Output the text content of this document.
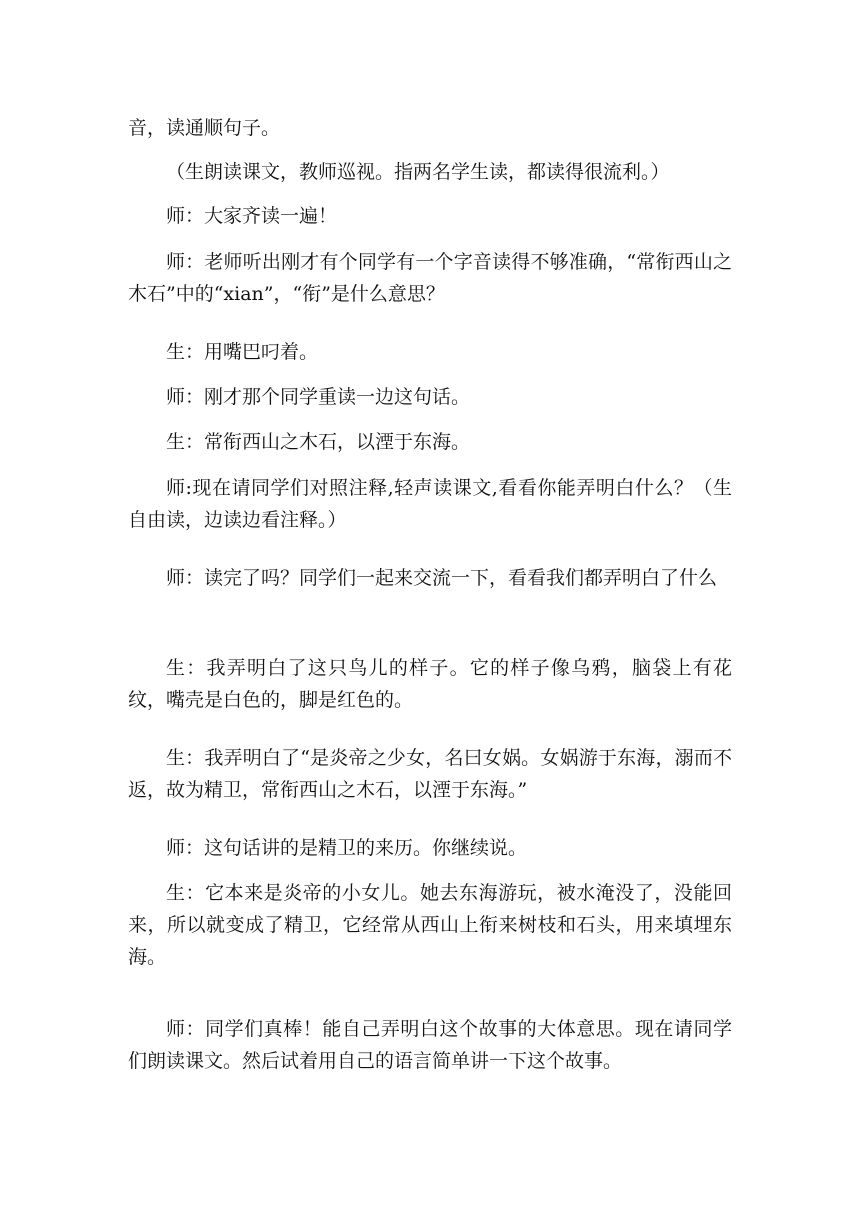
音，读通顺句子。

（生朗读课文，教师巡视。指两名学生读，都读得很流利。）

师：大家齐读一遍！

师：老师听出刚才有个同学有一个字音读得不够准确，“常衔西山之木石”中的“xian”，“衔”是什么意思？

生：用嘴巴叼着。

师：刚才那个同学重读一边这句话。

生：常衔西山之木石，以湮于东海。

师:现在请同学们对照注释,轻声读课文,看看你能弄明白什么？（生自由读，边读边看注释。）

师：读完了吗？同学们一起来交流一下，看看我们都弄明白了什么

生：我弄明白了这只鸟儿的样子。它的样子像乌鸦，脑袋上有花纹，嘴壳是白色的，脚是红色的。

生：我弄明白了“是炎帝之少女，名曰女娲。女娲游于东海，溺而不返，故为精卫，常衔西山之木石，以湮于东海。”

师：这句话讲的是精卫的来历。你继续说。

生：它本来是炎帝的小女儿。她去东海游玩，被水淹没了，没能回来，所以就变成了精卫，它经常从西山上衔来树枝和石头，用来填埋东海。

师：同学们真棒！能自己弄明白这个故事的大体意思。现在请同学们朗读课文。然后试着用自己的语言简单讲一下这个故事。
